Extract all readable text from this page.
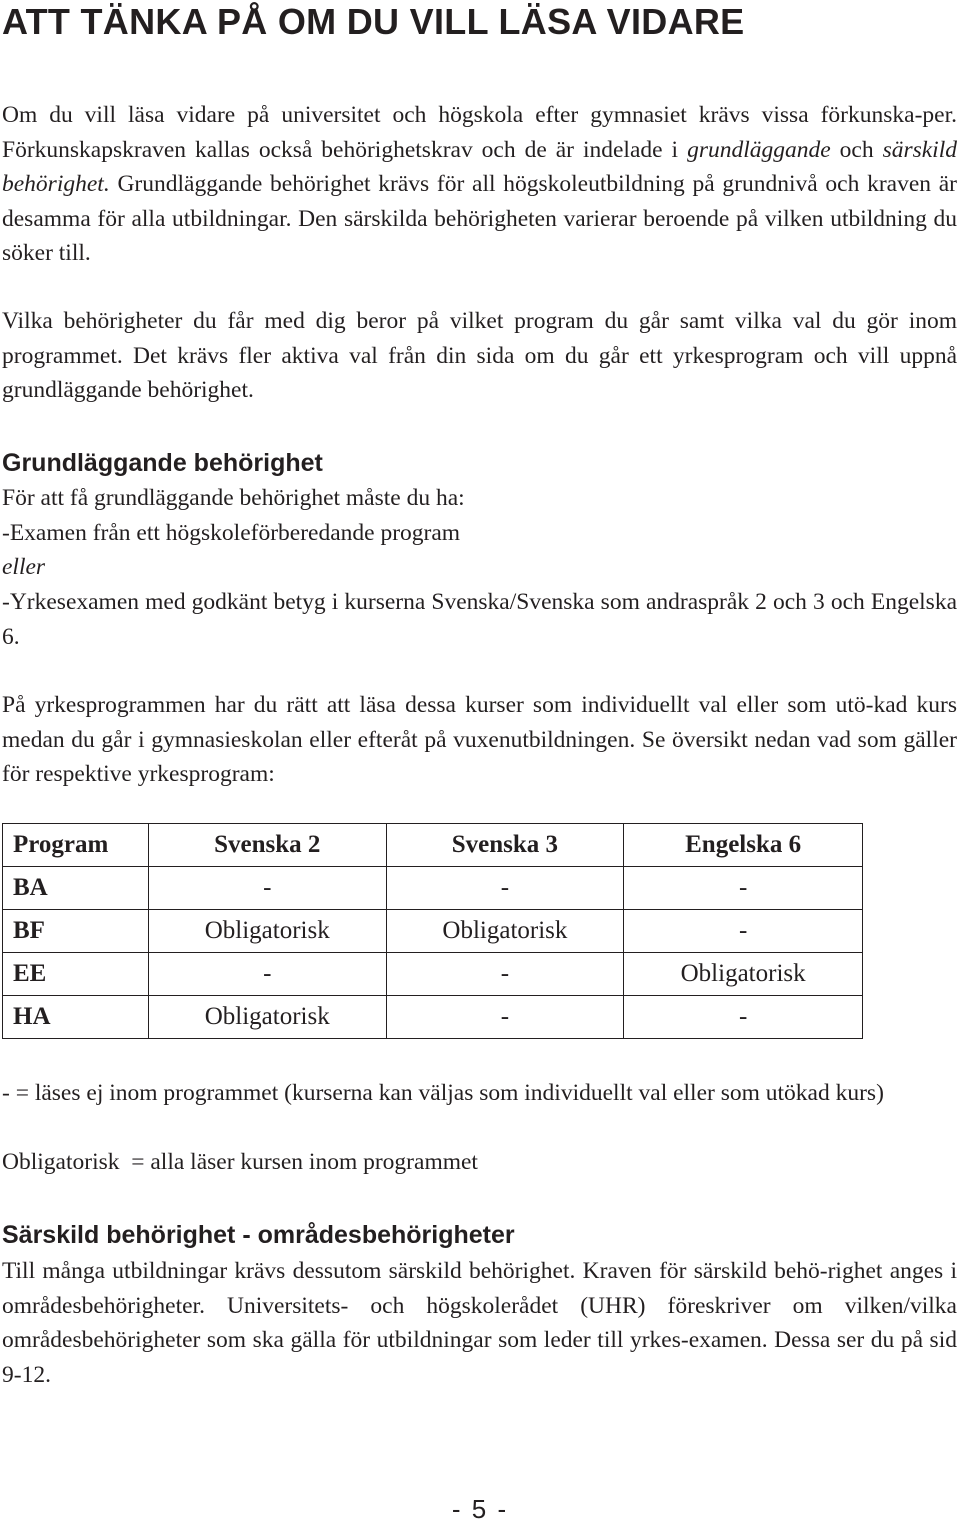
ATT TÄNKA PÅ OM DU VILL LÄSA VIDARE

Om du vill läsa vidare på universitet och högskola efter gymnasiet krävs vissa förkunska-per. Förkunskapskraven kallas också behörighetskrav och de är indelade i grundläggande och särskild behörighet. Grundläggande behörighet krävs för all högskoleutbildning på grundnivå och kraven är desamma för alla utbildningar. Den särskilda behörigheten varierar beroende på vilken utbildning du söker till.

Vilka behörigheter du får med dig beror på vilket program du går samt vilka val du gör inom programmet. Det krävs fler aktiva val från din sida om du går ett yrkesprogram och vill uppnå grundläggande behörighet.

Grundläggande behörighet

För att få grundläggande behörighet måste du ha:

-Examen från ett högskoleförberedande program

eller

-Yrkesexamen med godkänt betyg i kurserna Svenska/Svenska som andraspråk 2 och 3 och Engelska 6.

På yrkesprogrammen har du rätt att läsa dessa kurser som individuellt val eller som utö-kad kurs medan du går i gymnasieskolan eller efteråt på vuxenutbildningen. Se översikt nedan vad som gäller för respektive yrkesprogram:

Program	Svenska 2	Svenska 3	Engelska 6
BA	-	-	-
BF	Obligatorisk	Obligatorisk	-
EE	-	-	Obligatorisk
HA	Obligatorisk	-	-

- = läses ej inom programmet (kurserna kan väljas som individuellt val eller som utökad kurs)

Obligatorisk  = alla läser kursen inom programmet

Särskild behörighet - områdesbehörigheter

Till många utbildningar krävs dessutom särskild behörighet. Kraven för särskild behö-righet anges i områdesbehörigheter. Universitets- och högskolerådet (UHR) föreskriver om vilken/vilka områdesbehörigheter som ska gälla för utbildningar som leder till yrkes-examen. Dessa ser du på sid 9-12.

- 5 -
